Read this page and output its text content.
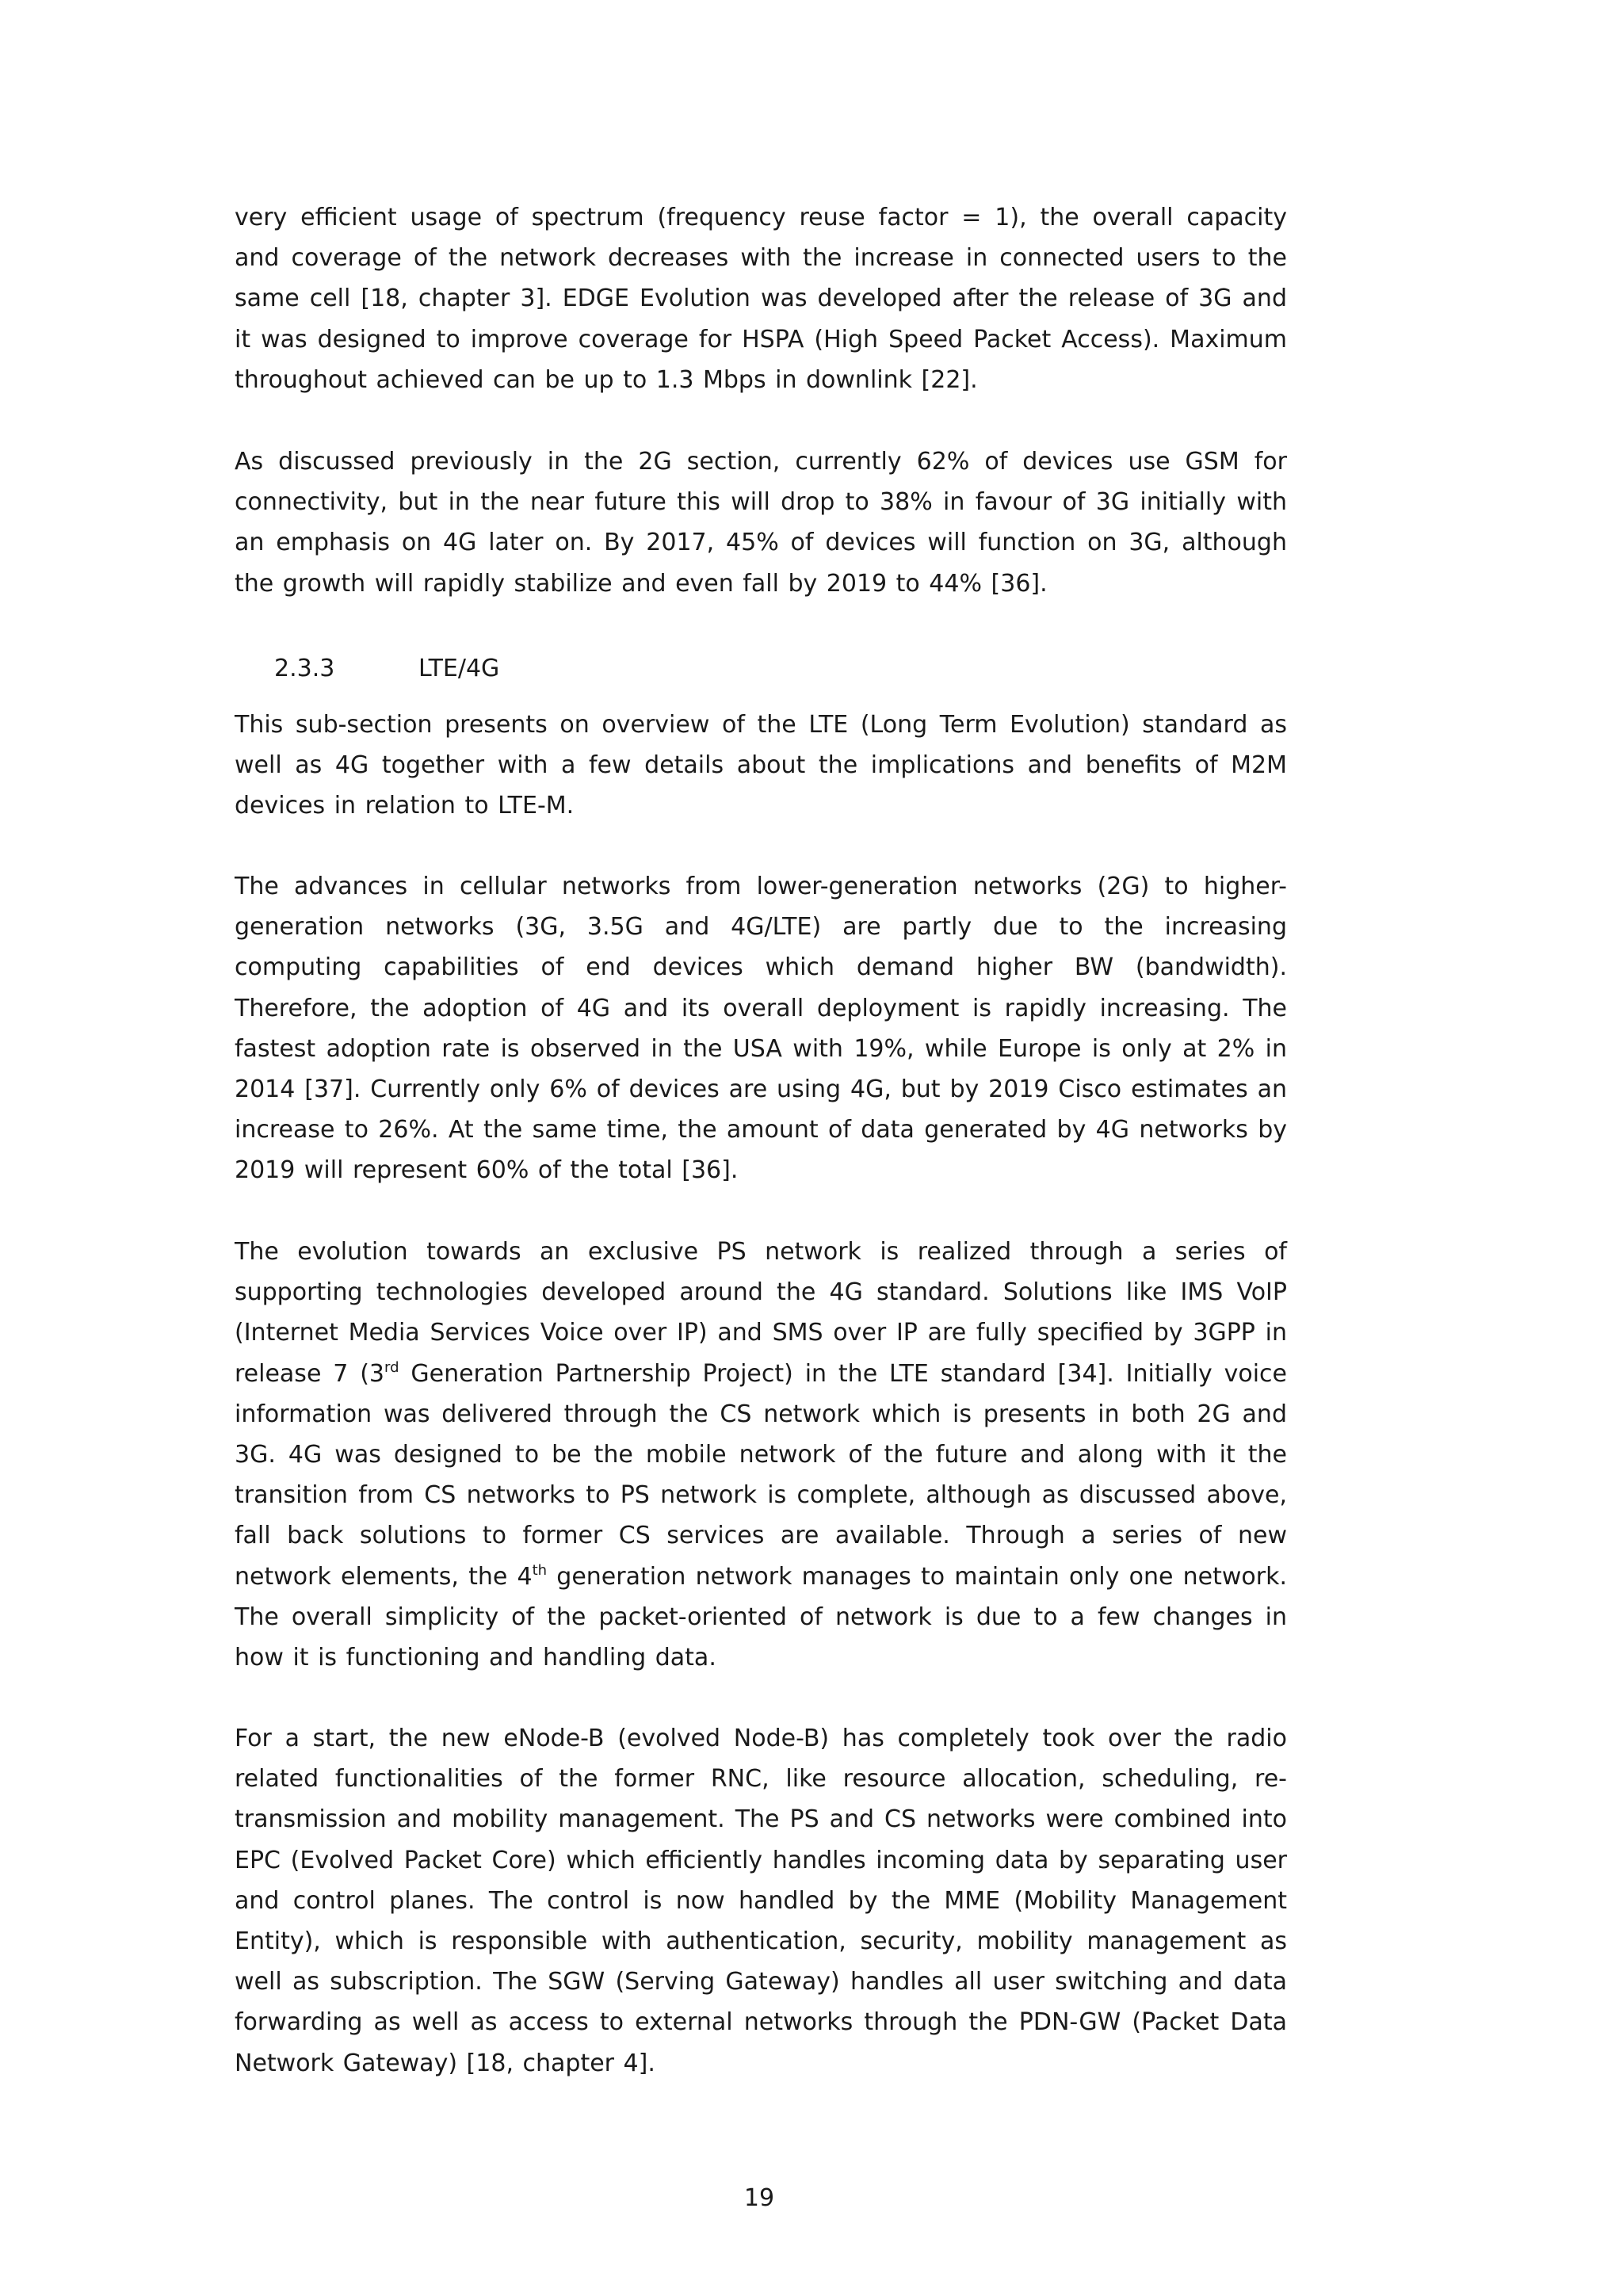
very efficient usage of spectrum (frequency reuse factor = 1), the overall capacity and coverage of the network decreases with the increase in connected users to the same cell [18, chapter 3]. EDGE Evolution was developed after the release of 3G and it was designed to improve coverage for HSPA (High Speed Packet Access). Maximum throughout achieved can be up to 1.3 Mbps in downlink [22].

As discussed previously in the 2G section, currently 62% of devices use GSM for connectivity, but in the near future this will drop to 38% in favour of 3G initially with an emphasis on 4G later on. By 2017, 45% of devices will function on 3G, although the growth will rapidly stabilize and even fall by 2019 to 44% [36].

2.3.3	LTE/4G

This sub-section presents on overview of the LTE (Long Term Evolution) standard as well as 4G together with a few details about the implications and benefits of M2M devices in relation to LTE-M.

The advances in cellular networks from lower-generation networks (2G) to higher-generation networks (3G, 3.5G and 4G/LTE) are partly due to the increasing computing capabilities of end devices which demand higher BW (bandwidth). Therefore, the adoption of 4G and its overall deployment is rapidly increasing. The fastest adoption rate is observed in the USA with 19%, while Europe is only at 2% in 2014 [37]. Currently only 6% of devices are using 4G, but by 2019 Cisco estimates an increase to 26%. At the same time, the amount of data generated by 4G networks by 2019 will represent 60% of the total [36].

The evolution towards an exclusive PS network is realized through a series of supporting technologies developed around the 4G standard. Solutions like IMS VoIP (Internet Media Services Voice over IP) and SMS over IP are fully specified by 3GPP in release 7 (3rd Generation Partnership Project) in the LTE standard [34]. Initially voice information was delivered through the CS network which is presents in both 2G and 3G. 4G was designed to be the mobile network of the future and along with it the transition from CS networks to PS network is complete, although as discussed above, fall back solutions to former CS services are available. Through a series of new network elements, the 4th generation network manages to maintain only one network. The overall simplicity of the packet-oriented of network is due to a few changes in how it is functioning and handling data.

For a start, the new eNode-B (evolved Node-B) has completely took over the radio related functionalities of the former RNC, like resource allocation, scheduling, re-transmission and mobility management. The PS and CS networks were combined into EPC (Evolved Packet Core) which efficiently handles incoming data by separating user and control planes. The control is now handled by the MME (Mobility Management Entity), which is responsible with authentication, security, mobility management as well as subscription. The SGW (Serving Gateway) handles all user switching and data forwarding as well as access to external networks through the PDN-GW (Packet Data Network Gateway) [18, chapter 4].

19
